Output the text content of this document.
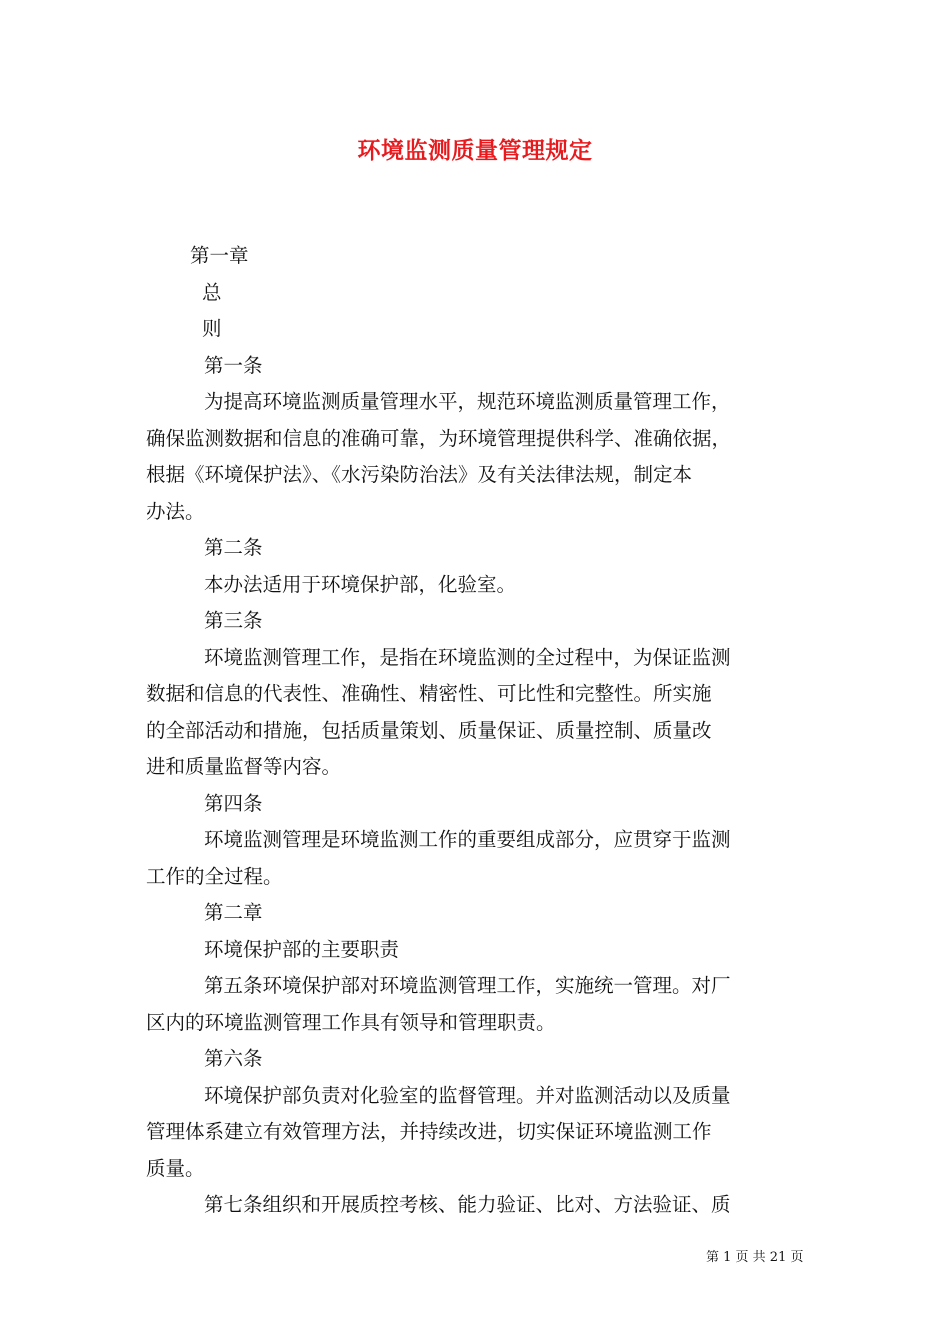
环境监测质量管理规定
第一章
总
则
第一条
为提高环境监测质量管理水平，规范环境监测质量管理工作，
确保监测数据和信息的准确可靠，为环境管理提供科学、准确依据，
根据《环境保护法》、《水污染防治法》及有关法律法规，制定本
办法。
第二条
本办法适用于环境保护部，化验室。
第三条
环境监测管理工作，是指在环境监测的全过程中，为保证监测
数据和信息的代表性、准确性、精密性、可比性和完整性。所实施
的全部活动和措施，包括质量策划、质量保证、质量控制、质量改
进和质量监督等内容。
第四条
环境监测管理是环境监测工作的重要组成部分，应贯穿于监测
工作的全过程。
第二章
环境保护部的主要职责
第五条环境保护部对环境监测管理工作，实施统一管理。对厂
区内的环境监测管理工作具有领导和管理职责。
第六条
环境保护部负责对化验室的监督管理。并对监测活动以及质量
管理体系建立有效管理方法，并持续改进，切实保证环境监测工作
质量。
第七条组织和开展质控考核、能力验证、比对、方法验证、质
第 1 页 共 21 页
